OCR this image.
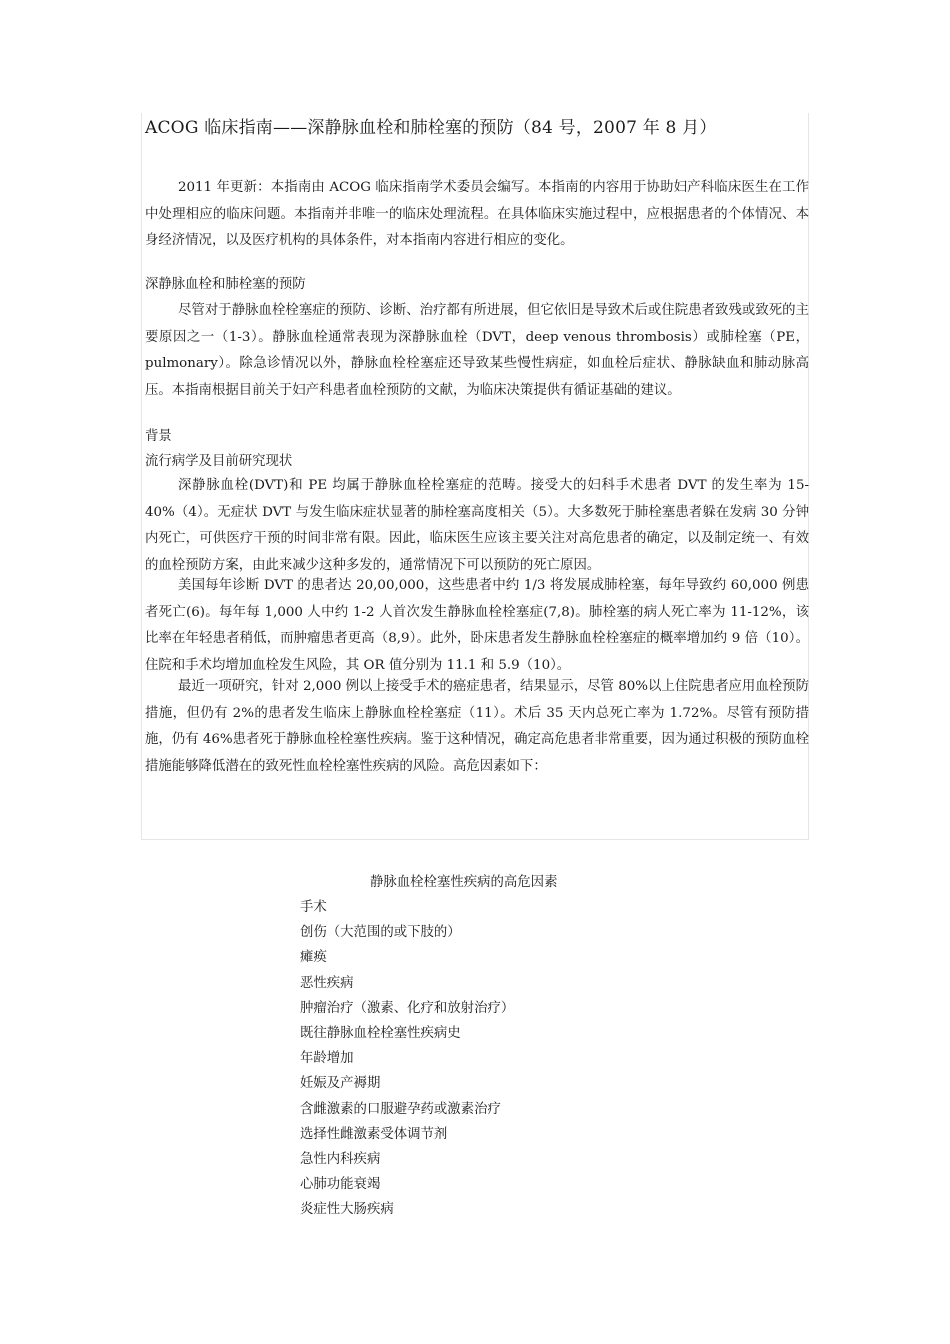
ACOG 临床指南——深静脉血栓和肺栓塞的预防（84 号，2007 年 8 月）

2011 年更新：本指南由 ACOG 临床指南学术委员会编写。本指南的内容用于协助妇产科临床医生在工作中处理相应的临床问题。本指南并非唯一的临床处理流程。在具体临床实施过程中，应根据患者的个体情况、本身经济情况，以及医疗机构的具体条件，对本指南内容进行相应的变化。

深静脉血栓和肺栓塞的预防

尽管对于静脉血栓栓塞症的预防、诊断、治疗都有所进展，但它依旧是导致术后或住院患者致残或致死的主要原因之一（1-3）。静脉血栓通常表现为深静脉血栓（DVT，deep venous thrombosis）或肺栓塞（PE，pulmonary）。除急诊情况以外，静脉血栓栓塞症还导致某些慢性病症，如血栓后症状、静脉缺血和肺动脉高压。本指南根据目前关于妇产科患者血栓预防的文献，为临床决策提供有循证基础的建议。

背景
流行病学及目前研究现状

深静脉血栓(DVT)和 PE 均属于静脉血栓栓塞症的范畴。接受大的妇科手术患者 DVT 的发生率为 15-40%（4）。无症状 DVT 与发生临床症状显著的肺栓塞高度相关（5）。大多数死于肺栓塞患者躲在发病 30 分钟内死亡，可供医疗干预的时间非常有限。因此，临床医生应该主要关注对高危患者的确定，以及制定统一、有效的血栓预防方案，由此来减少这种多发的，通常情况下可以预防的死亡原因。

美国每年诊断 DVT 的患者达 20,00,000，这些患者中约 1/3 将发展成肺栓塞，每年导致约 60,000 例患者死亡(6)。每年每 1,000 人中约 1-2 人首次发生静脉血栓栓塞症(7,8)。肺栓塞的病人死亡率为 11-12%，该比率在年轻患者稍低，而肿瘤患者更高（8,9）。此外，卧床患者发生静脉血栓栓塞症的概率增加约 9 倍（10）。住院和手术均增加血栓发生风险，其 OR 值分别为 11.1 和 5.9（10）。

最近一项研究，针对 2,000 例以上接受手术的癌症患者，结果显示，尽管 80%以上住院患者应用血栓预防措施，但仍有 2%的患者发生临床上静脉血栓栓塞症（11）。术后 35 天内总死亡率为 1.72%。尽管有预防措施，仍有 46%患者死于静脉血栓栓塞性疾病。鉴于这种情况，确定高危患者非常重要，因为通过积极的预防血栓措施能够降低潜在的致死性血栓栓塞性疾病的风险。高危因素如下：

静脉血栓栓塞性疾病的高危因素
手术
创伤（大范围的或下肢的）
瘫痪
恶性疾病
肿瘤治疗（激素、化疗和放射治疗）
既往静脉血栓栓塞性疾病史
年龄增加
妊娠及产褥期
含雌激素的口服避孕药或激素治疗
选择性雌激素受体调节剂
急性内科疾病
心肺功能衰竭
炎症性大肠疾病
